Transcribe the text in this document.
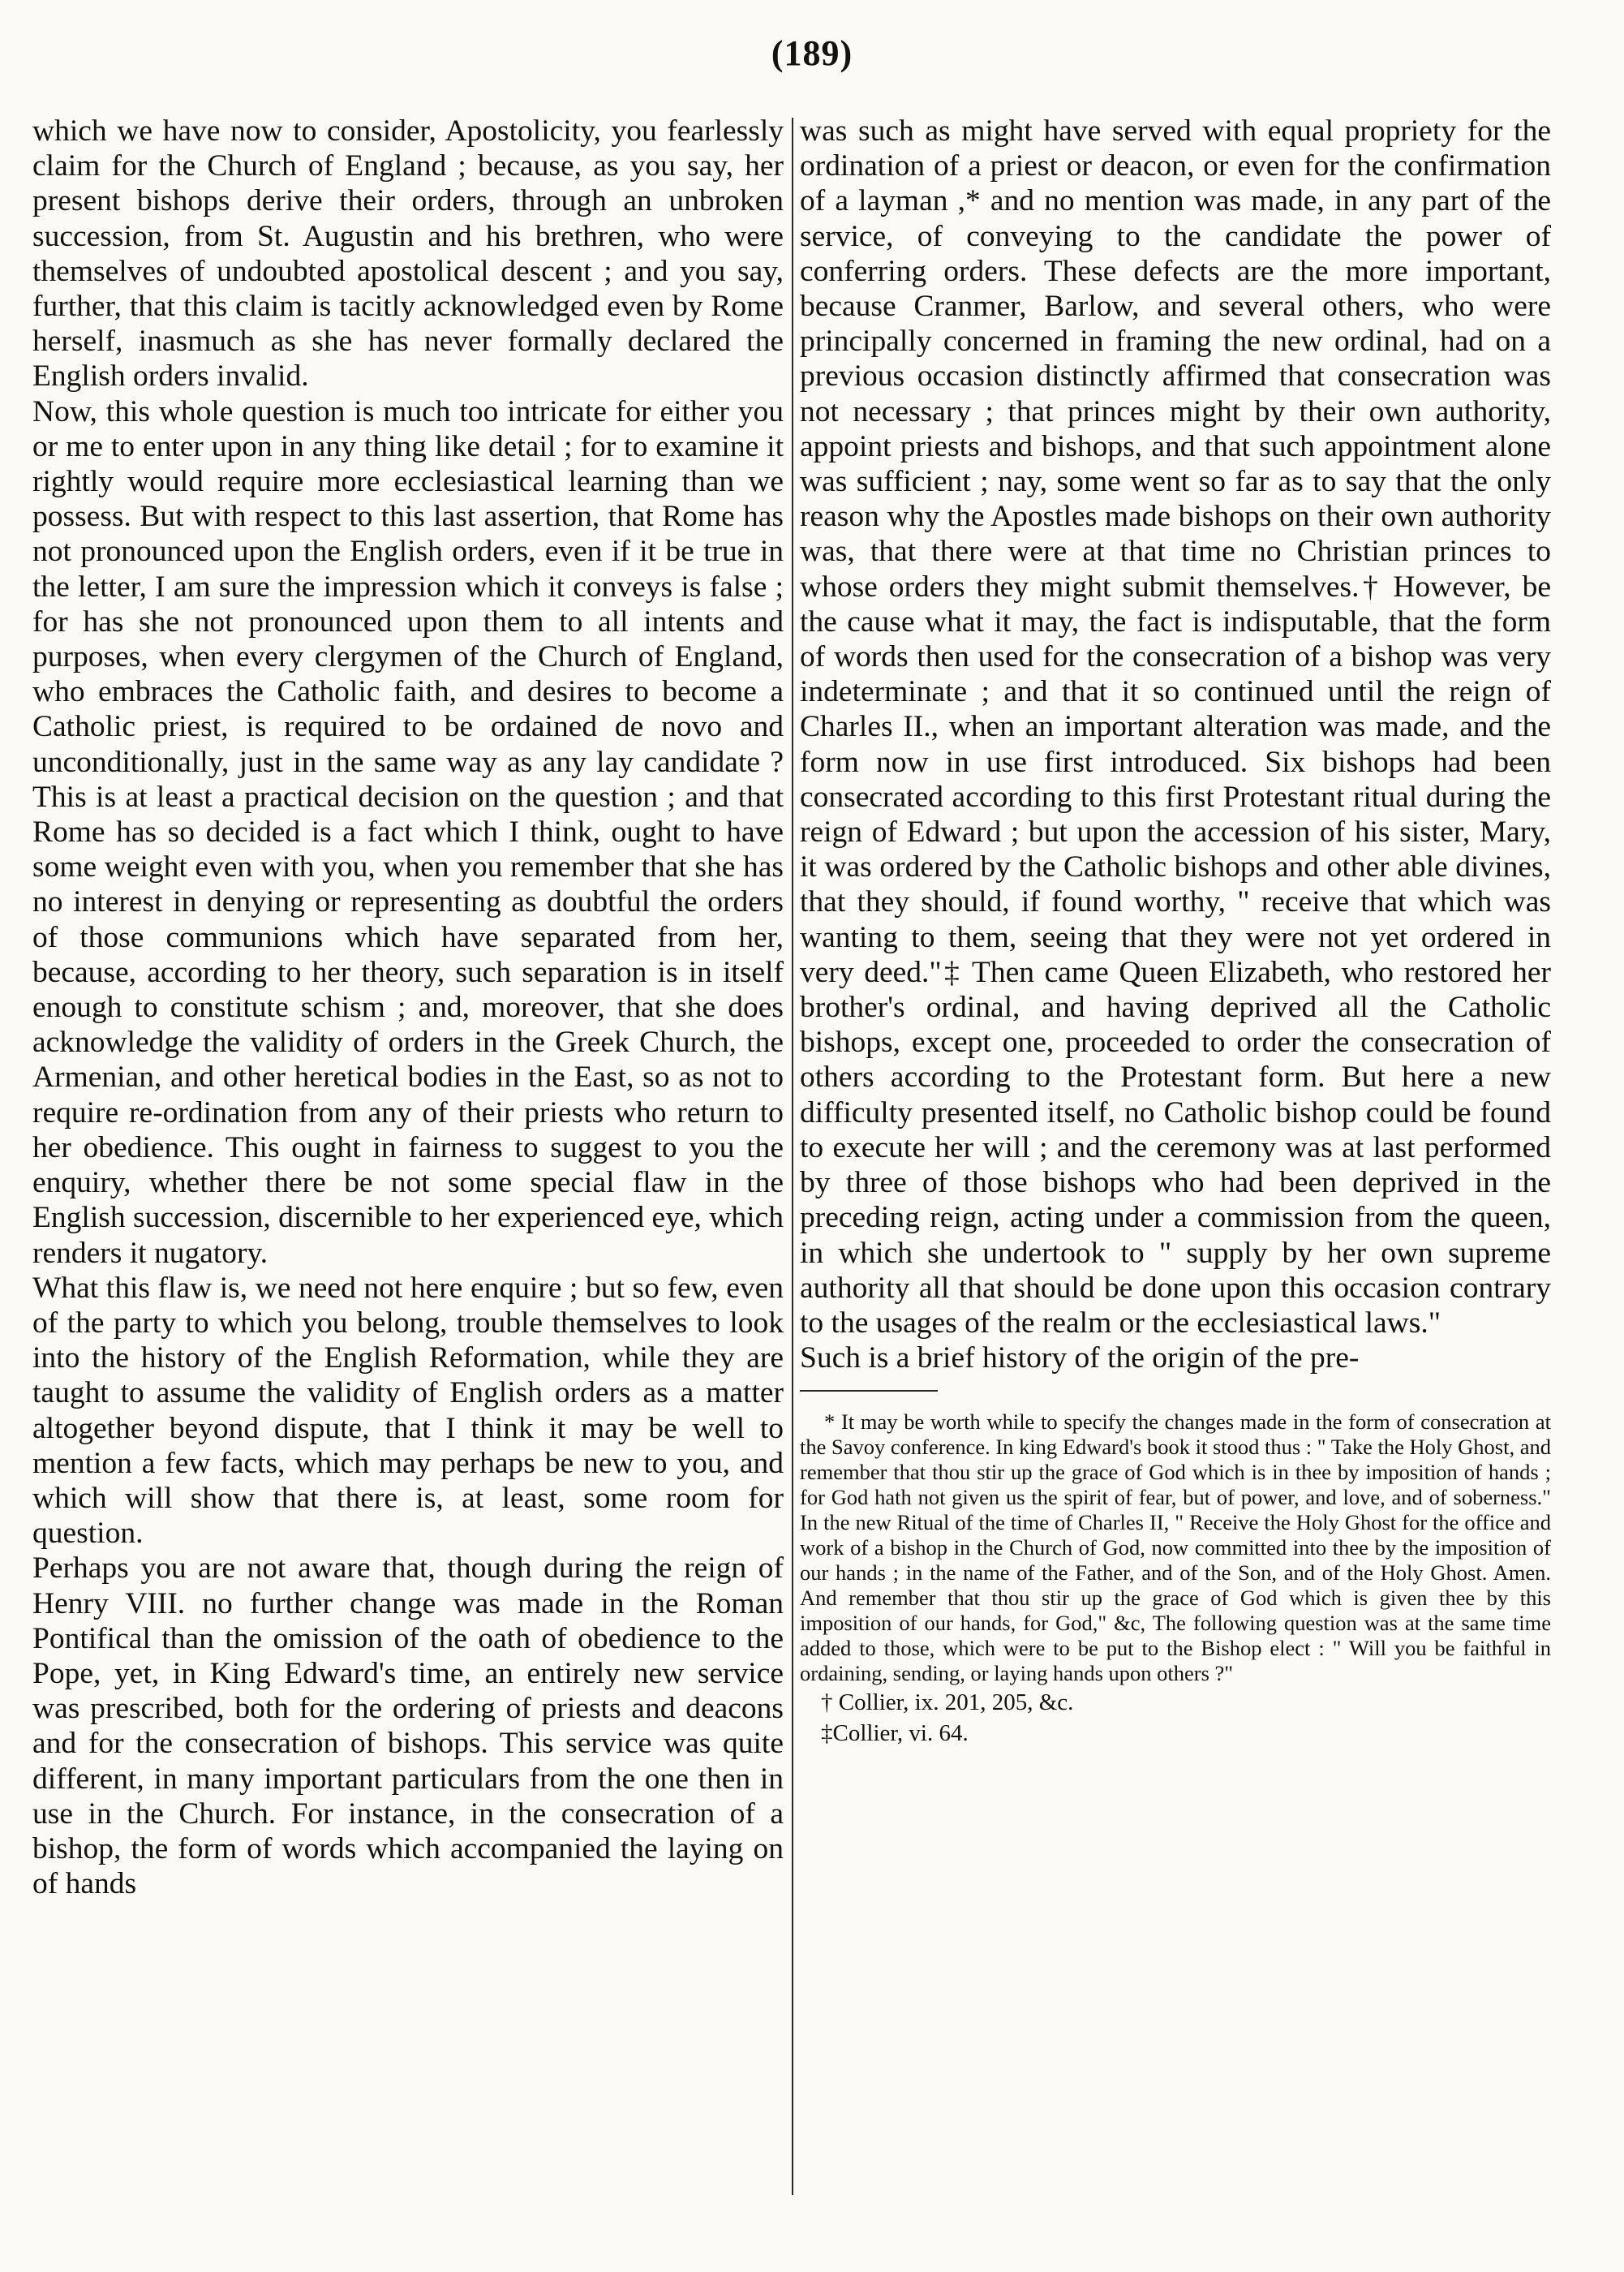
(189)

which we have now to consider, Apostolicity, you fearlessly claim for the Church of England ; because, as you say, her present bishops derive their orders, through an unbroken succession, from St. Augustin and his brethren, who were themselves of undoubted apostolical descent ; and you say, further, that this claim is tacitly acknowledged even by Rome herself, inasmuch as she has never formally declared the English orders invalid.

Now, this whole question is much too intricate for either you or me to enter upon in any thing like detail ; for to examine it rightly would require more ecclesiastical learning than we possess. But with respect to this last assertion, that Rome has not pronounced upon the English orders, even if it be true in the letter, I am sure the impression which it conveys is false ; for has she not pronounced upon them to all intents and purposes, when every clergymen of the Church of England, who embraces the Catholic faith, and desires to become a Catholic priest, is required to be ordained de novo and unconditionally, just in the same way as any lay candidate ? This is at least a practical decision on the question ; and that Rome has so decided is a fact which I think, ought to have some weight even with you, when you remember that she has no interest in denying or representing as doubtful the orders of those communions which have separated from her, because, according to her theory, such separation is in itself enough to constitute schism ; and, moreover, that she does acknowledge the validity of orders in the Greek Church, the Armenian, and other heretical bodies in the East, so as not to require re-ordination from any of their priests who return to her obedience. This ought in fairness to suggest to you the enquiry, whether there be not some special flaw in the English succession, discernible to her experienced eye, which renders it nugatory.

What this flaw is, we need not here enquire ; but so few, even of the party to which you belong, trouble themselves to look into the history of the English Reformation, while they are taught to assume the validity of English orders as a matter altogether beyond dispute, that I think it may be well to mention a few facts, which may perhaps be new to you, and which will show that there is, at least, some room for question.

Perhaps you are not aware that, though during the reign of Henry VIII. no further change was made in the Roman Pontifical than the omission of the oath of obedience to the Pope, yet, in King Edward's time, an entirely new service was prescribed, both for the ordering of priests and deacons and for the consecration of bishops. This service was quite different, in many important particulars from the one then in use in the Church. For instance, in the consecration of a bishop, the form of words which accompanied the laying on of hands

was such as might have served with equal propriety for the ordination of a priest or deacon, or even for the confirmation of a layman ,* and no mention was made, in any part of the service, of conveying to the candidate the power of conferring orders. These defects are the more important, because Cranmer, Barlow, and several others, who were principally concerned in framing the new ordinal, had on a previous occasion distinctly affirmed that consecration was not necessary ; that princes might by their own authority, appoint priests and bishops, and that such appointment alone was sufficient ; nay, some went so far as to say that the only reason why the Apostles made bishops on their own authority was, that there were at that time no Christian princes to whose orders they might submit themselves.† However, be the cause what it may, the fact is indisputable, that the form of words then used for the consecration of a bishop was very indeterminate ; and that it so continued until the reign of Charles II., when an important alteration was made, and the form now in use first introduced. Six bishops had been consecrated according to this first Protestant ritual during the reign of Edward ; but upon the accession of his sister, Mary, it was ordered by the Catholic bishops and other able divines, that they should, if found worthy, " receive that which was wanting to them, seeing that they were not yet ordered in very deed."‡ Then came Queen Elizabeth, who restored her brother's ordinal, and having deprived all the Catholic bishops, except one, proceeded to order the consecration of others according to the Protestant form. But here a new difficulty presented itself, no Catholic bishop could be found to execute her will ; and the ceremony was at last performed by three of those bishops who had been deprived in the preceding reign, acting under a commission from the queen, in which she undertook to " supply by her own supreme authority all that should be done upon this occasion contrary to the usages of the realm or the ecclesiastical laws."

Such is a brief history of the origin of the pre-

* It may be worth while to specify the changes made in the form of consecration at the Savoy conference. In king Edward's book it stood thus : " Take the Holy Ghost, and remember that thou stir up the grace of God which is in thee by imposition of hands ; for God hath not given us the spirit of fear, but of power, and love, and of soberness." In the new Ritual of the time of Charles II, " Receive the Holy Ghost for the office and work of a bishop in the Church of God, now committed into thee by the imposition of our hands ; in the name of the Father, and of the Son, and of the Holy Ghost. Amen. And remember that thou stir up the grace of God which is given thee by this imposition of our hands, for God," &c, The following question was at the same time added to those, which were to be put to the Bishop elect : " Will you be faithful in ordaining, sending, or laying hands upon others ?"

† Collier, ix. 201, 205, &c.

‡Collier, vi. 64.
